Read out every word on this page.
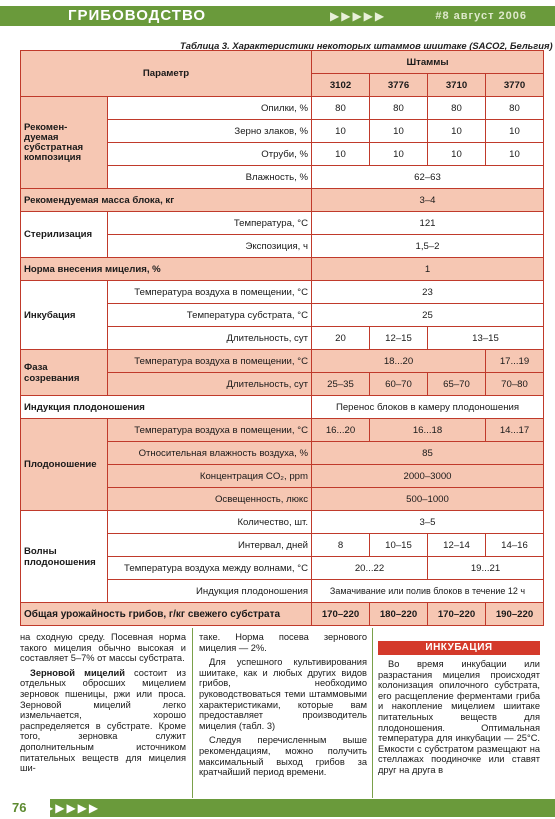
ГРИБОВОДСТВО	▶▶▶▶▶	#8 август 2006
Таблица 3. Характеристики некоторых штаммов шиитаке (SACO2, Бельгия)
Параметр		Штаммы			
		3102	3776	3710	3770
Рекомен-
дуемая
субстратная
композиция	Опилки, %	80	80	80	80
	Зерно злаков, %	10	10	10	10
	Отруби, %	10	10	10	10
	Влажность, %	62–63			
Рекомендуемая масса блока, кг		3–4			
Стерилизация	Температура, °С	121			
	Экспозиция, ч	1,5–2			
Норма внесения мицелия, %		1			
Инкубация	Температура воздуха в помещении, °С	23			
	Температура субстрата, °С	25			
	Длительность, сут	20	12–15	13–15	
Фаза
созревания	Температура воздуха в помещении, °С	18...20			17...19
	Длительность, сут	25–35	60–70	65–70	70–80
Индукция плодоношения		Перенос блоков в камеру плодоношения			
Плодоношение	Температура воздуха в помещении, °С	16...20	16...18		14...17
	Относительная влажность воздуха, %	85			
	Концентрация CO₂, ppm	2000–3000			
	Освещенность, люкс	500–1000			
Волны
плодоношения	Количество, шт.	3–5			
	Интервал, дней	8	10–15	12–14	14–16
	Температура воздуха между волнами, °С	20...22		19...21	
	Индукция плодоношения	Замачивание или полив блоков в течение 12 ч			
Общая урожайность грибов, г/кг свежего субстрата		170–220	180–220	170–220	190–220

на сходную среду. Посевная норма такого мицелия обычно высокая и составляет 5–7% от массы субстрата.

Зерновой мицелий состоит из отдельных обросших мицелием зерновок пшеницы, ржи или проса. Зерновой мицелий легко измельчается, хорошо распределяется в субстрате. Кроме того, зерновка служит дополнительным источником питательных веществ для мицелия ши-

таке. Норма посева зернового мицелия — 2%.

Для успешного культивирования шиитаке, как и любых других видов грибов, необходимо руководствоваться теми штаммовыми характеристиками, которые вам предоставляет производитель мицелия (табл. 3)

Следуя перечисленным выше рекомендациям, можно получить максимальный выход грибов за кратчайший период времени.

ИНКУБАЦИЯ

Во время инкубации или разрастания мицелия происходят колонизация опилочного субстрата, его расщепление ферментами гриба и накопление мицелием шиитаке питательных веществ для плодоношения. Оптимальная температура для инкубации — 25°С. Емкости с субстратом размещают на стеллажах поодиночке или ставят друг на друга в

76	▶▶▶▶▶
